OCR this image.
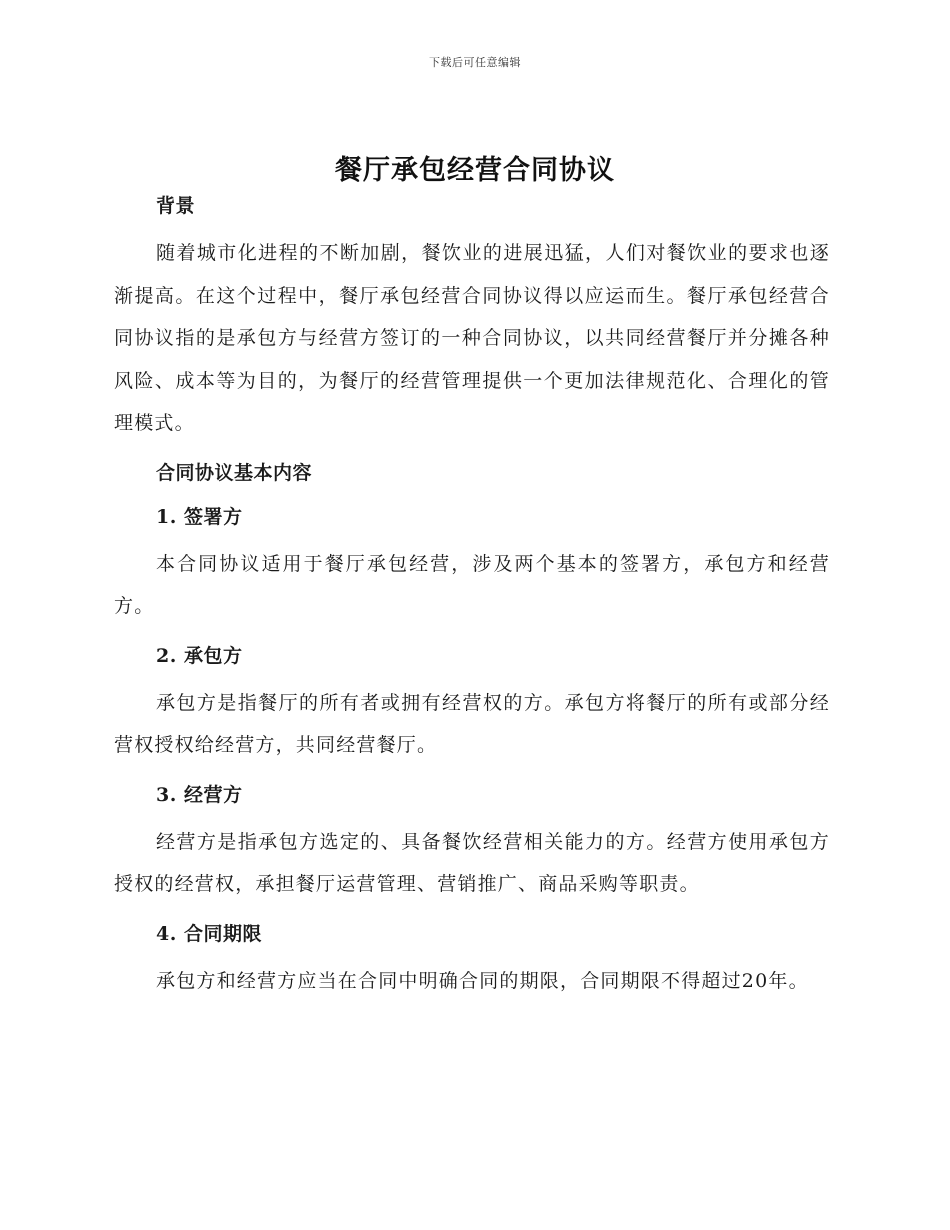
下载后可任意编辑
餐厅承包经营合同协议

背景

随着城市化进程的不断加剧，餐饮业的进展迅猛，人们对餐饮业的要求也逐渐提高。在这个过程中，餐厅承包经营合同协议得以应运而生。餐厅承包经营合同协议指的是承包方与经营方签订的一种合同协议，以共同经营餐厅并分摊各种风险、成本等为目的，为餐厅的经营管理提供一个更加法律规范化、合理化的管理模式。

合同协议基本内容

1. 签署方

本合同协议适用于餐厅承包经营，涉及两个基本的签署方，承包方和经营方。

2. 承包方

承包方是指餐厅的所有者或拥有经营权的方。承包方将餐厅的所有或部分经营权授权给经营方，共同经营餐厅。

3. 经营方

经营方是指承包方选定的、具备餐饮经营相关能力的方。经营方使用承包方授权的经营权，承担餐厅运营管理、营销推广、商品采购等职责。

4. 合同期限

承包方和经营方应当在合同中明确合同的期限，合同期限不得超过20年。
